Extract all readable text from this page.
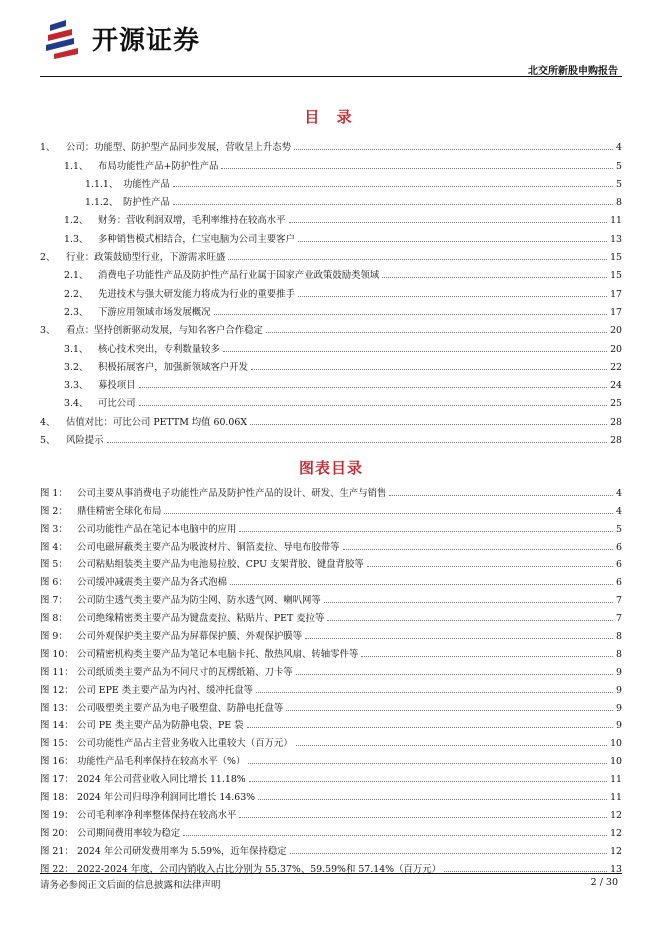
开源证券
北交所新股申购报告
目 录
1、	公司：功能型、防护型产品同步发展，营收呈上升态势	4
1.1、	布局功能性产品+防护性产品	5
1.1.1、 功能性产品	5
1.1.2、 防护性产品	8
1.2、	财务：营收利润双增，毛利率维持在较高水平	11
1.3、	多种销售模式相结合，仁宝电脑为公司主要客户	13
2、	行业：政策鼓励型行业，下游需求旺盛	15
2.1、	消费电子功能性产品及防护性产品行业属于国家产业政策鼓励类领域	15
2.2、	先进技术与强大研发能力将成为行业的重要推手	17
2.3、	下游应用领域市场发展概况	17
3、	看点：坚持创新驱动发展，与知名客户合作稳定	20
3.1、	核心技术突出，专利数量较多	20
3.2、	积极拓展客户，加强新领域客户开发	22
3.3、	募投项目	24
3.4、	可比公司	25
4、	估值对比：可比公司 PETTM 均值 60.06X	28
5、	风险提示	28
图表目录
图 1： 公司主要从事消费电子功能性产品及防护性产品的设计、研发、生产与销售	4
图 2： 鼎佳精密全球化布局	4
图 3： 公司功能性产品在笔记本电脑中的应用	5
图 4： 公司电磁屏蔽类主要产品为吸波材片、铜箔麦拉、导电布胶带等	6
图 5： 公司粘贴组装类主要产品为电池易拉胶、CPU 支架背胶、键盘背胶等	6
图 6： 公司缓冲减震类主要产品为各式泡棉	6
图 7： 公司防尘透气类主要产品为防尘网、防水透气网、喇叭网等	7
图 8： 公司绝缘精密类主要产品为键盘麦拉、粘贴片、PET 麦拉等	7
图 9： 公司外观保护类主要产品为屏幕保护膜、外观保护膜等	8
图 10： 公司精密机构类主要产品为笔记本电脑卡托、散热风扇、转轴零件等	8
图 11： 公司纸质类主要产品为不同尺寸的瓦楞纸箱、刀卡等	9
图 12： 公司 EPE 类主要产品为内衬、缓冲托盘等	9
图 13： 公司吸塑类主要产品为电子吸塑盘、防静电托盘等	9
图 14： 公司 PE 类主要产品为防静电袋、PE 袋	9
图 15： 公司功能性产品占主营业务收入比重较大（百万元）	10
图 16： 功能性产品毛利率保持在较高水平（%）	10
图 17： 2024 年公司营业收入同比增长 11.18%	11
图 18： 2024 年公司归母净利润同比增长 14.63%	11
图 19： 公司毛利率净利率整体保持在较高水平	12
图 20： 公司期间费用率较为稳定	12
图 21： 2024 年公司研发费用率为 5.59%，近年保持稳定	12
图 22： 2022-2024 年度，公司内销收入占比分别为 55.37%、59.59%和 57.14%（百万元）	13
请务必参阅正文后面的信息披露和法律声明	2 / 30
